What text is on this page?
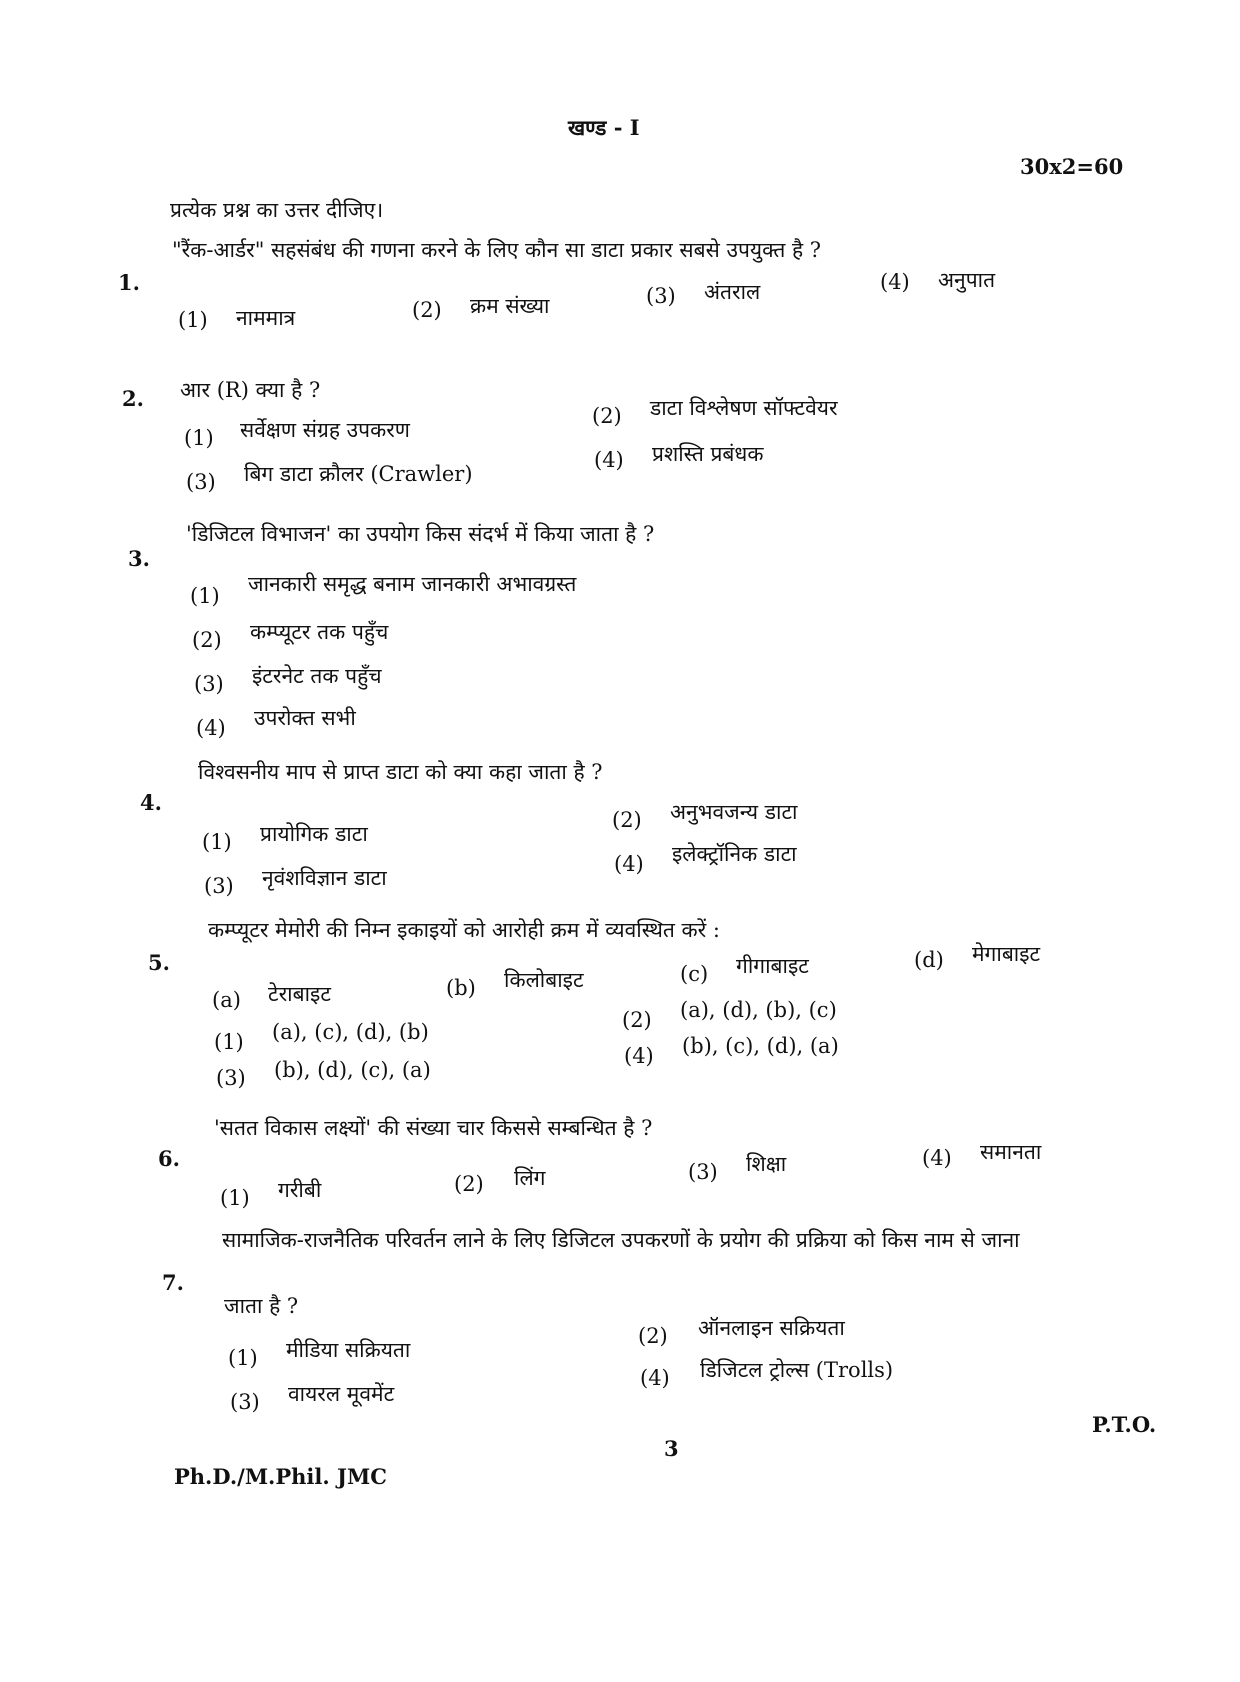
खण्ड - I
30x2=60
प्रत्येक प्रश्न का उत्तर दीजिए।
1.
"रैंक-आर्डर" सहसंबंध की गणना करने के लिए कौन सा डाटा प्रकार सबसे उपयुक्त है ?
(1) नाममात्र	(2) क्रम संख्या	(3) अंतराल	(4) अनुपात
2. आर (R) क्या है ?
(1) सर्वेक्षण संग्रह उपकरण
(2) डाटा विश्लेषण सॉफ्टवेयर
(3) बिग डाटा क्रौलर (Crawler)
(4) प्रशस्ति प्रबंधक
3.
'डिजिटल विभाजन' का उपयोग किस संदर्भ में किया जाता है ?
(1) जानकारी समृद्ध बनाम जानकारी अभावग्रस्त
(2) कम्प्यूटर तक पहुँच
(3) इंटरनेट तक पहुँच
(4) उपरोक्त सभी
4.
विश्वसनीय माप से प्राप्त डाटा को क्या कहा जाता है ?
(1) प्रायोगिक डाटा
(2) अनुभवजन्य डाटा
(3) नृवंशविज्ञान डाटा
(4) इलेक्ट्रॉनिक डाटा
5.
कम्प्यूटर मेमोरी की निम्न इकाइयों को आरोही क्रम में व्यवस्थित करें :
(a) टेराबाइट	(b) किलोबाइट	(c) गीगाबाइट	(d) मेगाबाइट
(1) (a), (c), (d), (b)	(2) (a), (d), (b), (c)
(3) (b), (d), (c), (a)
(4) (b), (c), (d), (a)
6.
'सतत विकास लक्ष्यों' की संख्या चार किससे सम्बन्धित है ?
(1) गरीबी	(2) लिंग	(3) शिक्षा	(4) समानता
7.
सामाजिक-राजनैतिक परिवर्तन लाने के लिए डिजिटल उपकरणों के प्रयोग की प्रक्रिया को किस नाम से जाना
जाता है ?
(1) मीडिया सक्रियता
(2) ऑनलाइन सक्रियता
(3) वायरल मूवमेंट
(4) डिजिटल ट्रोल्स (Trolls)
P.T.O.
3
Ph.D./M.Phil. JMC
